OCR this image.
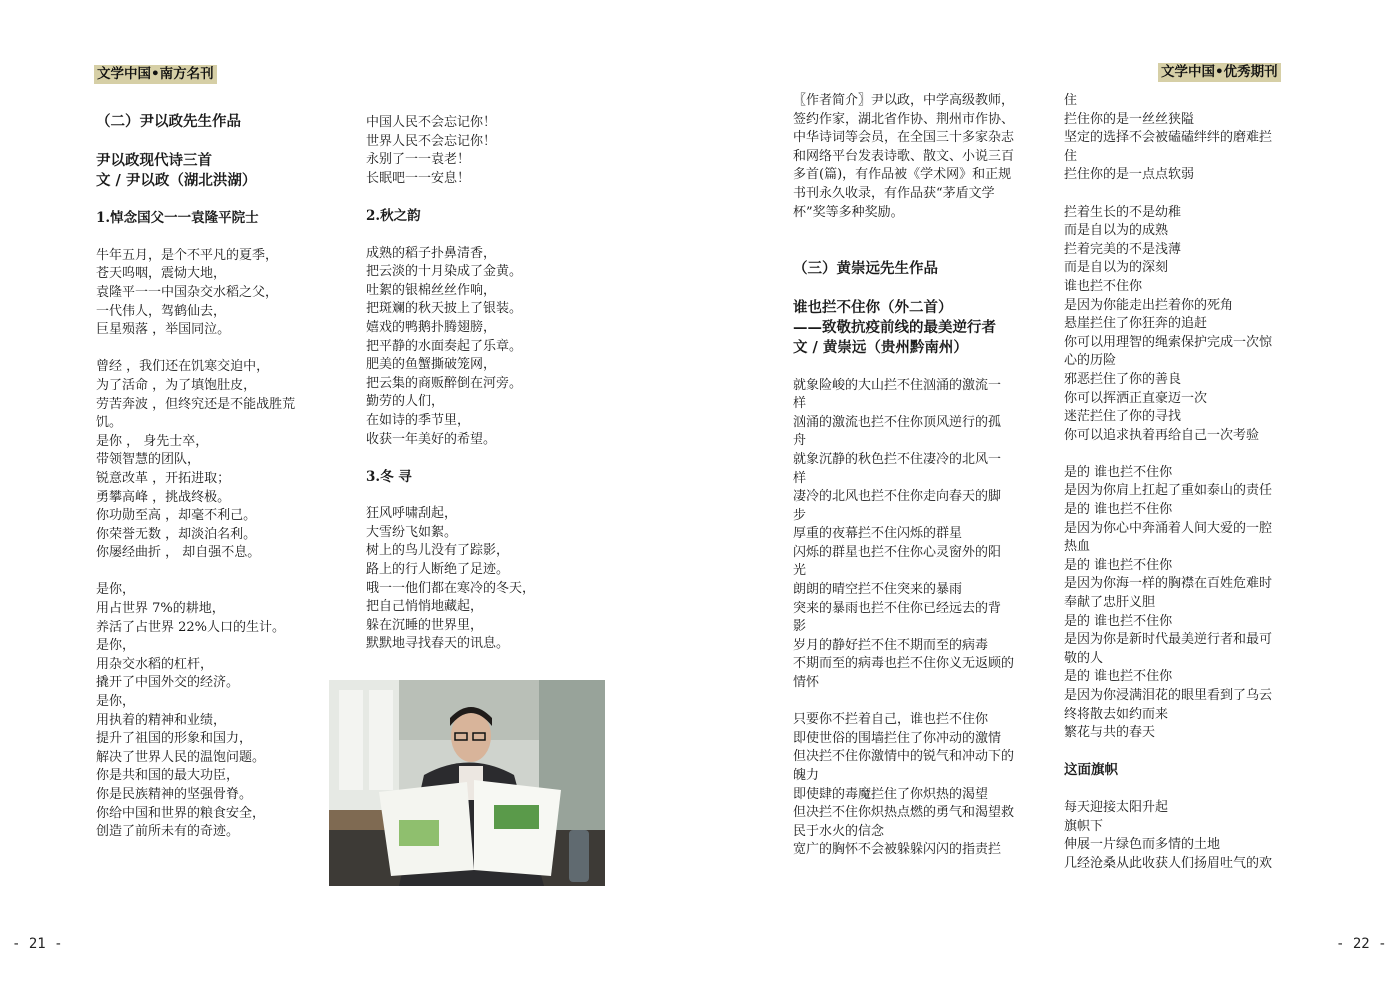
文学中国•南方名刊	文学中国•优秀期刊
（二）尹以政先生作品
尹以政现代诗三首
文 / 尹以政（湖北洪湖）
1.悼念国父一一袁隆平院士
牛年五月，是个不平凡的夏季，
苍天呜咽，震恸大地，
袁隆平一一中国杂交水稻之父，
一代伟人，驾鹤仙去，
巨星殒落 ，举国同泣。
曾经 ，我们还在饥寒交迫中，
为了活命 ，为了填饱肚皮，
劳苦奔波 ，但终究还是不能战胜荒
饥。
是你 ， 身先士卒，
带领智慧的团队，
锐意改革 ，开拓进取；
勇攀高峰 ，挑战终极。
你功勋至高 ，却毫不利己。
你荣誉无数 ，却淡泊名利。
你屡经曲折 ， 却自强不息。
是你，
用占世界 7%的耕地，
养活了占世界 22%人口的生计。
是你，
用杂交水稻的杠杆，
撬开了中国外交的经济。
是你，
用执着的精神和业绩，
提升了祖国的形象和国力，
解决了世界人民的温饱问题。
你是共和国的最大功臣，
你是民族精神的坚强骨脊。
你给中国和世界的粮食安全，
创造了前所未有的奇迹。
中国人民不会忘记你！
世界人民不会忘记你！
永别了一一袁老！
长眠吧一一安息！
2.秋之韵
成熟的稻子扑鼻清香，
把云淡的十月染成了金黄。
吐絮的银棉丝丝作响，
把斑斓的秋天披上了银装。
嬉戏的鸭鹅扑腾翅膀，
把平静的水面奏起了乐章。
肥美的鱼蟹撕破笼网，
把云集的商贩醉倒在河旁。
勤劳的人们，
在如诗的季节里，
收获一年美好的希望。
3.冬 寻
狂风呼啸刮起，
大雪纷飞如絮。
树上的鸟儿没有了踪影，
路上的行人断绝了足迹。
哦一一他们都在寒冷的冬天，
把自己悄悄地藏起，
躲在沉睡的世界里，
默默地寻找春天的讯息。
〖作者简介〗尹以政，中学高级教师，
签约作家，湖北省作协、荆州市作协、
中华诗词等会员，在全国三十多家杂志
和网络平台发表诗歌、散文、小说三百
多首(篇)，有作品被《学术网》和正规
书刊永久收录，有作品获“茅盾文学
杯”奖等多种奖励。
（三）黄崇远先生作品
谁也拦不住你（外二首）
——致敬抗疫前线的最美逆行者
文 / 黄崇远（贵州黔南州）
就象险峻的大山拦不住汹涌的激流一
样
汹涌的激流也拦不住你顶风逆行的孤
舟
就象沉静的秋色拦不住凄冷的北风一
样
凄冷的北风也拦不住你走向春天的脚
步
厚重的夜幕拦不住闪烁的群星
闪烁的群星也拦不住你心灵窗外的阳
光
朗朗的晴空拦不住突来的暴雨
突来的暴雨也拦不住你已经远去的背
影
岁月的静好拦不住不期而至的病毒
不期而至的病毒也拦不住你义无返顾的
情怀
只要你不拦着自己，谁也拦不住你
即使世俗的围墙拦住了你冲动的激情
但决拦不住你激情中的锐气和冲动下的
魄力
即使肆的毒魔拦住了你炽热的渴望
但决拦不住你炽热点燃的勇气和渴望救
民于水火的信念
宽广的胸怀不会被躲躲闪闪的指责拦
住
拦住你的是一丝丝狭隘
坚定的选择不会被磕磕绊绊的磨难拦
住
拦住你的是一点点软弱
拦着生长的不是幼稚
而是自以为的成熟
拦着完美的不是浅薄
而是自以为的深刻
谁也拦不住你
是因为你能走出拦着你的死角
悬崖拦住了你狂奔的追赶
你可以用理智的绳索保护完成一次惊
心的历险
邪恶拦住了你的善良
你可以挥洒正直豪迈一次
迷茫拦住了你的寻找
你可以追求执着再给自己一次考验
是的 谁也拦不住你
是因为你肩上扛起了重如泰山的责任
是的 谁也拦不住你
是因为你心中奔涌着人间大爱的一腔
热血
是的 谁也拦不住你
是因为你海一样的胸襟在百姓危难时
奉献了忠肝义胆
是的 谁也拦不住你
是因为你是新时代最美逆行者和最可
敬的人
是的 谁也拦不住你
是因为你浸满泪花的眼里看到了乌云
终将散去如约而来
繁花与共的春天
这面旗帜
每天迎接太阳升起
旗帜下
伸展一片绿色而多情的土地
几经沧桑从此收获人们扬眉吐气的欢
- 21 -	- 22 -
